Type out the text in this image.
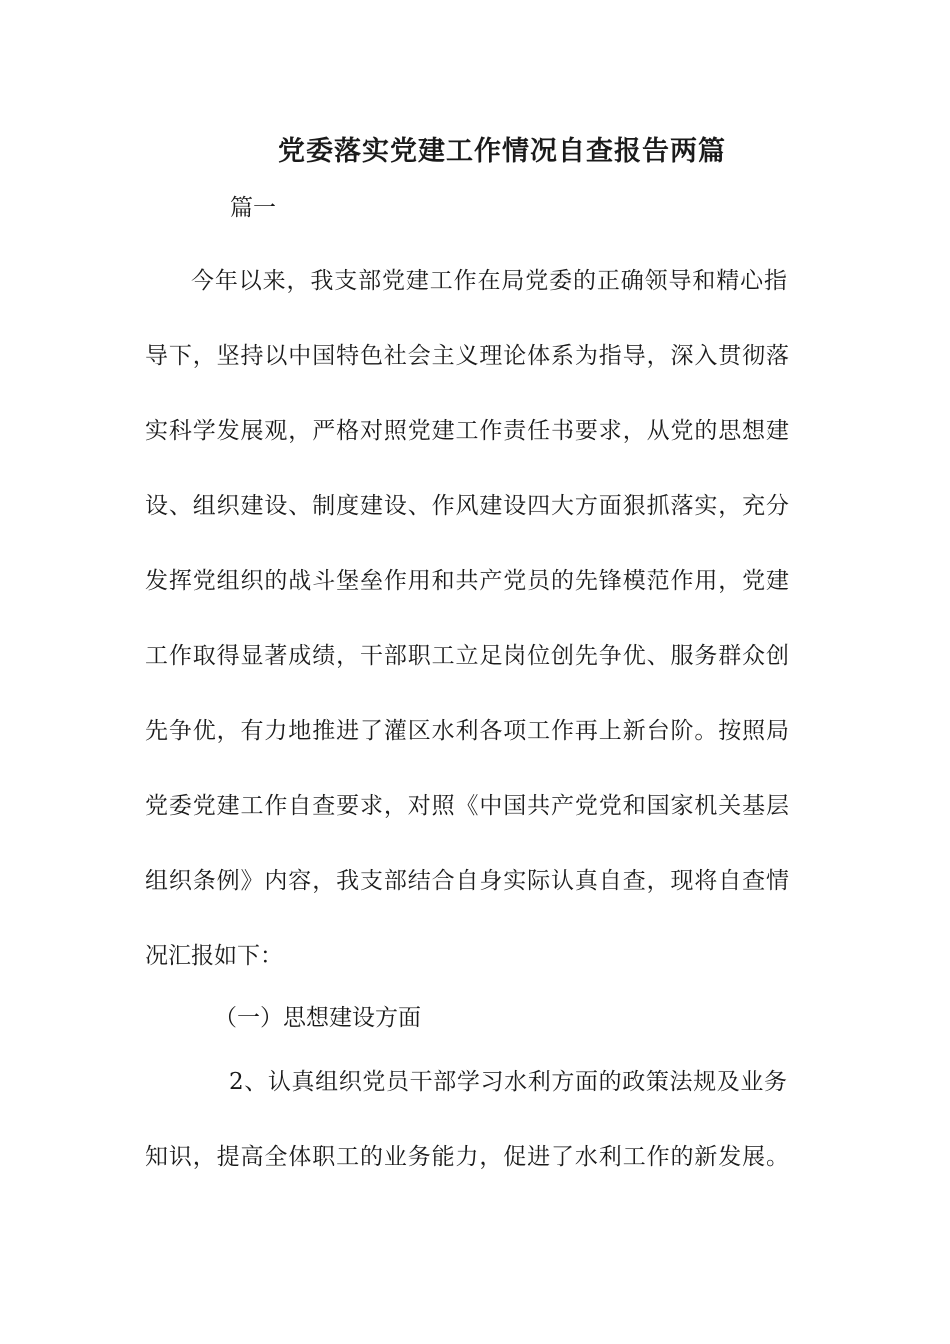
党委落实党建工作情况自查报告两篇
篇一
今年以来，我支部党建工作在局党委的正确领导和精心指
导下，坚持以中国特色社会主义理论体系为指导，深入贯彻落
实科学发展观，严格对照党建工作责任书要求，从党的思想建
设、组织建设、制度建设、作风建设四大方面狠抓落实，充分
发挥党组织的战斗堡垒作用和共产党员的先锋模范作用，党建
工作取得显著成绩，干部职工立足岗位创先争优、服务群众创
先争优，有力地推进了灌区水利各项工作再上新台阶。按照局
党委党建工作自查要求，对照《中国共产党党和国家机关基层
组织条例》内容，我支部结合自身实际认真自查，现将自查情
况汇报如下：
（一）思想建设方面
2、认真组织党员干部学习水利方面的政策法规及业务
知识，提高全体职工的业务能力，促进了水利工作的新发展。
